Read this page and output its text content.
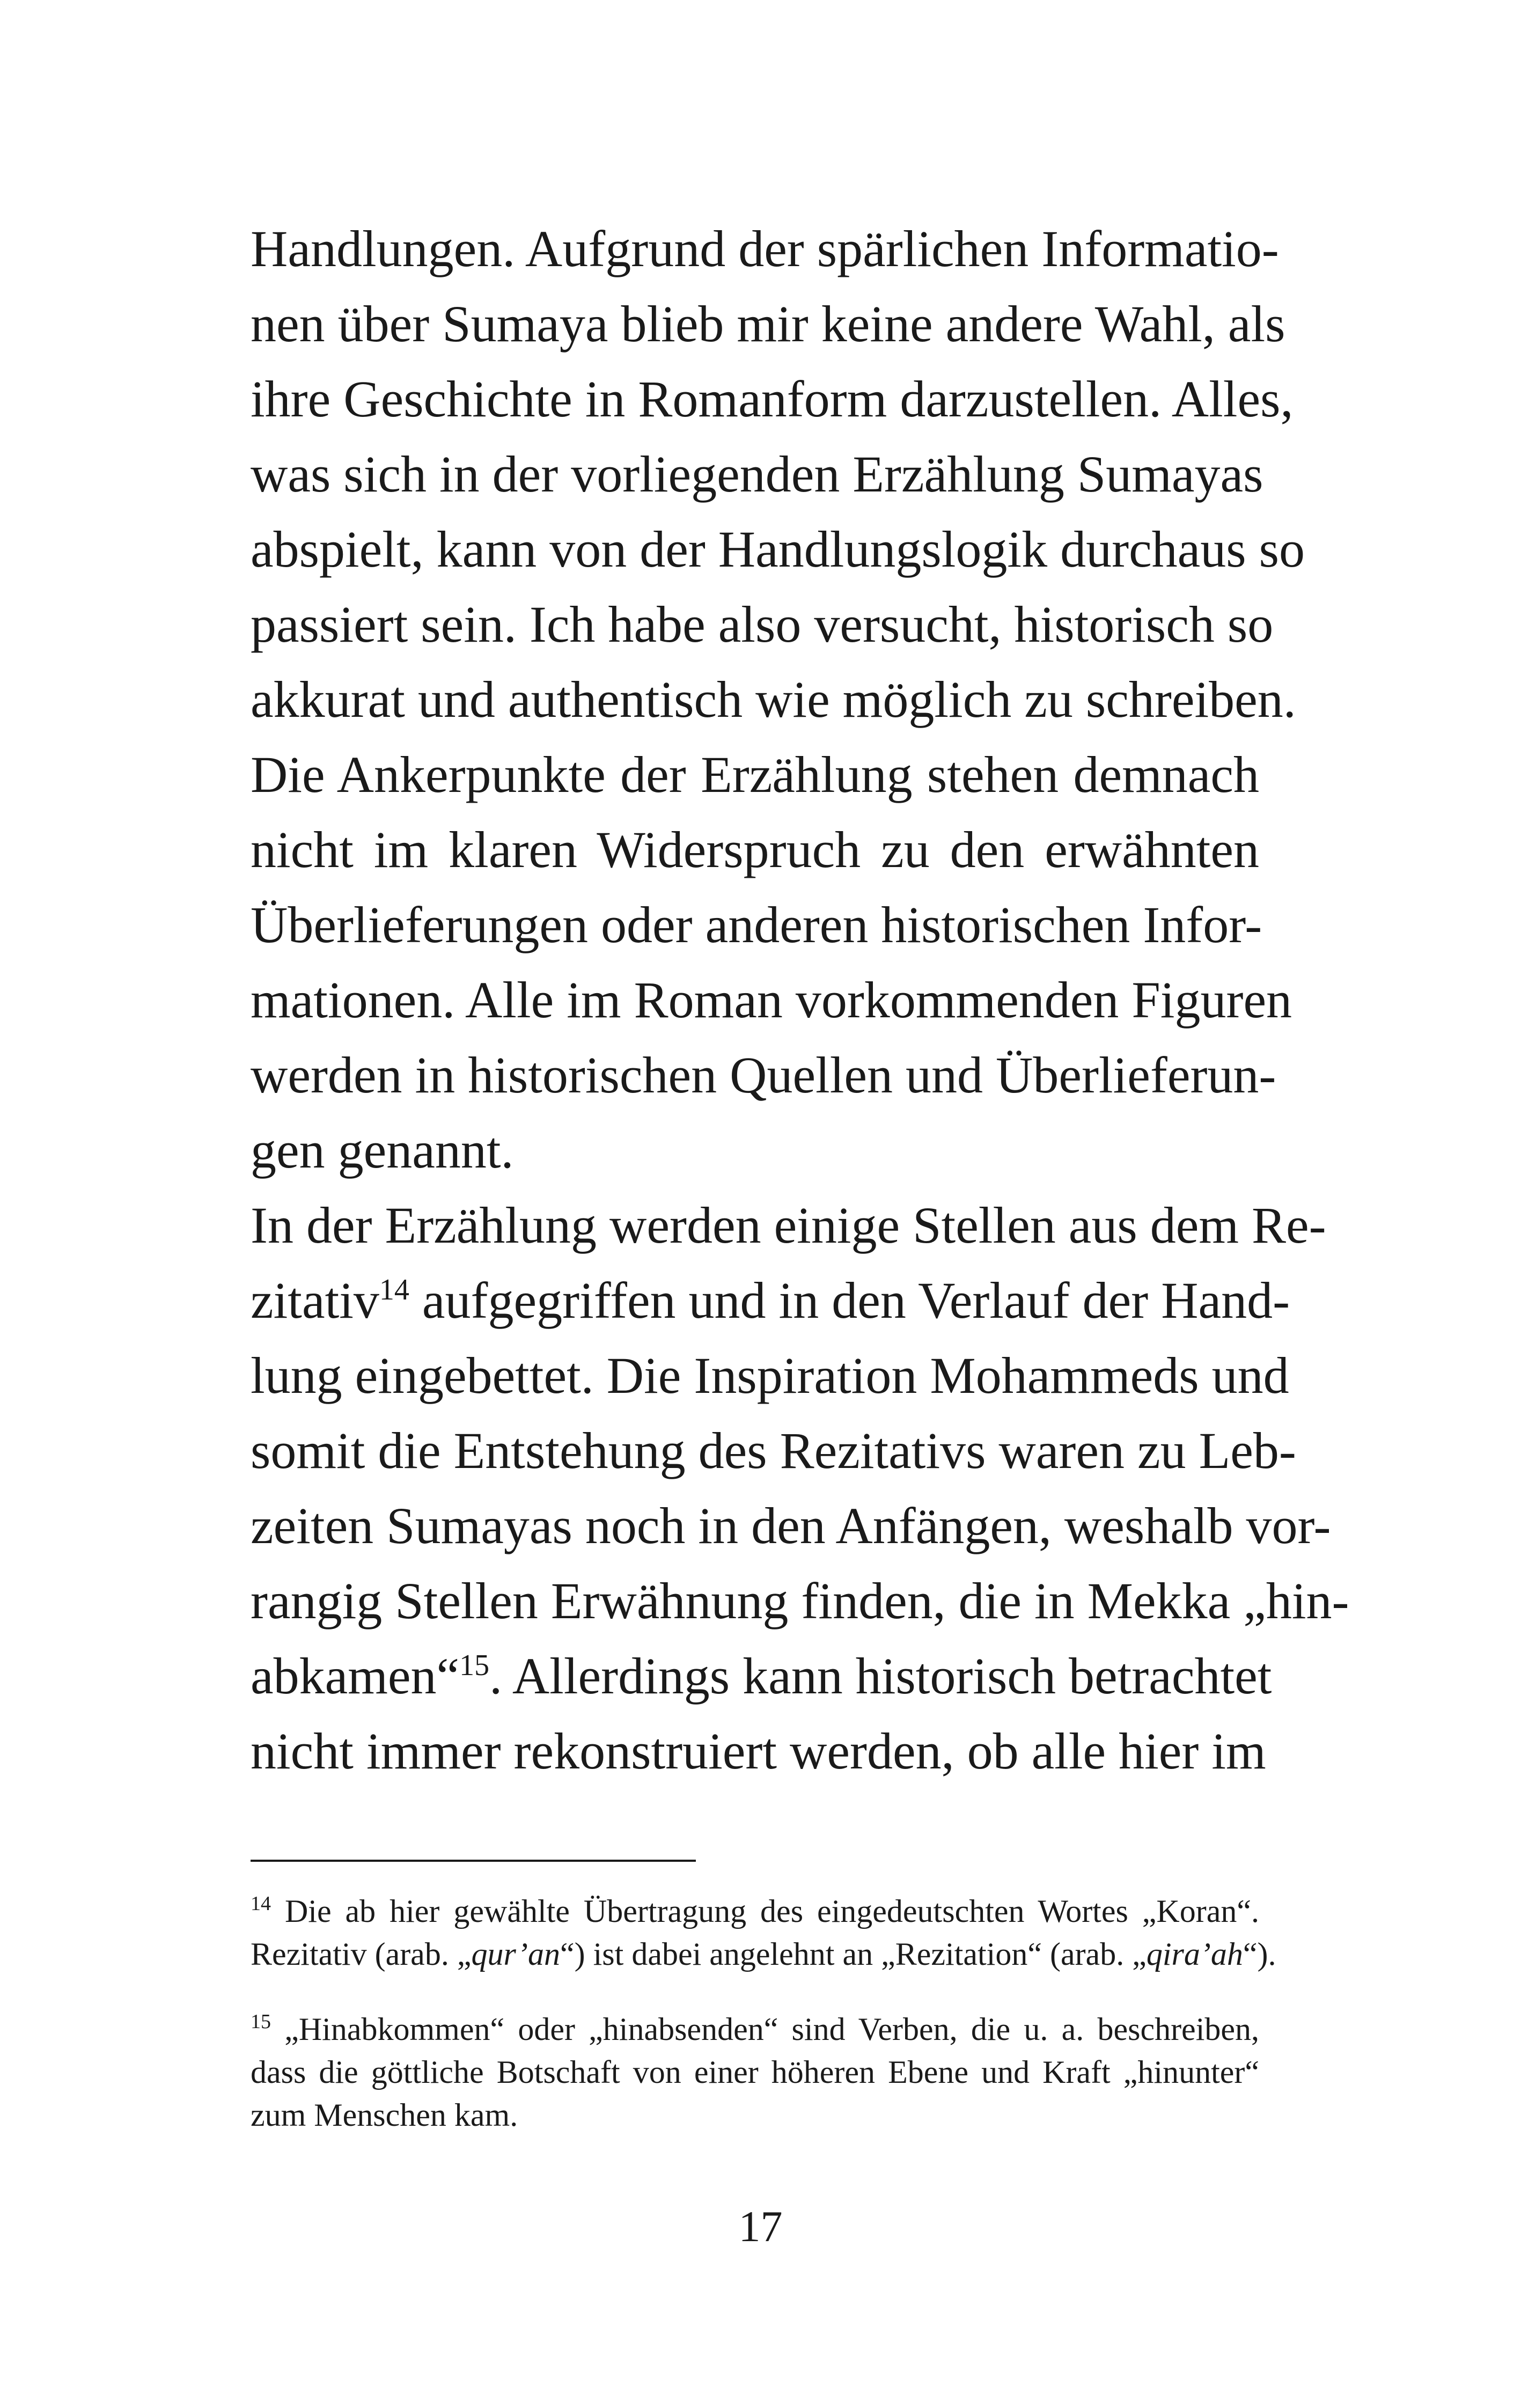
Handlungen. Aufgrund der spärlichen Informatio-
nen über Sumaya blieb mir keine andere Wahl, als
ihre Geschichte in Romanform darzustellen. Alles,
was sich in der vorliegenden Erzählung Sumayas
abspielt, kann von der Handlungslogik durchaus so
passiert sein. Ich habe also versucht, historisch so
akkurat und authentisch wie möglich zu schreiben.
Die Ankerpunkte der Erzählung stehen demnach
nicht im klaren Widerspruch zu den erwähnten
Überlieferungen oder anderen historischen Infor-
mationen. Alle im Roman vorkommenden Figuren
werden in historischen Quellen und Überlieferun-
gen genannt.
In der Erzählung werden einige Stellen aus dem Re-
zitativ$^{14}$ aufgegriffen und in den Verlauf der Hand-
lung eingebettet. Die Inspiration Mohammeds und
somit die Entstehung des Rezitativs waren zu Leb-
zeiten Sumayas noch in den Anfängen, weshalb vor-
rangig Stellen Erwähnung finden, die in Mekka „hin-
abkamen“$^{15}$. Allerdings kann historisch betrachtet
nicht immer rekonstruiert werden, ob alle hier im
$^{14}$ Die ab hier gewählte Übertragung des eingedeutschten Wortes „Koran“.
Rezitativ (arab. „qur’an“) ist dabei angelehnt an „Rezitation“ (arab. „qira’ah“).
$^{15}$ „Hinabkommen“ oder „hinabsenden“ sind Verben, die u. a. beschreiben,
dass die göttliche Botschaft von einer höheren Ebene und Kraft „hinunter“
zum Menschen kam.
17
